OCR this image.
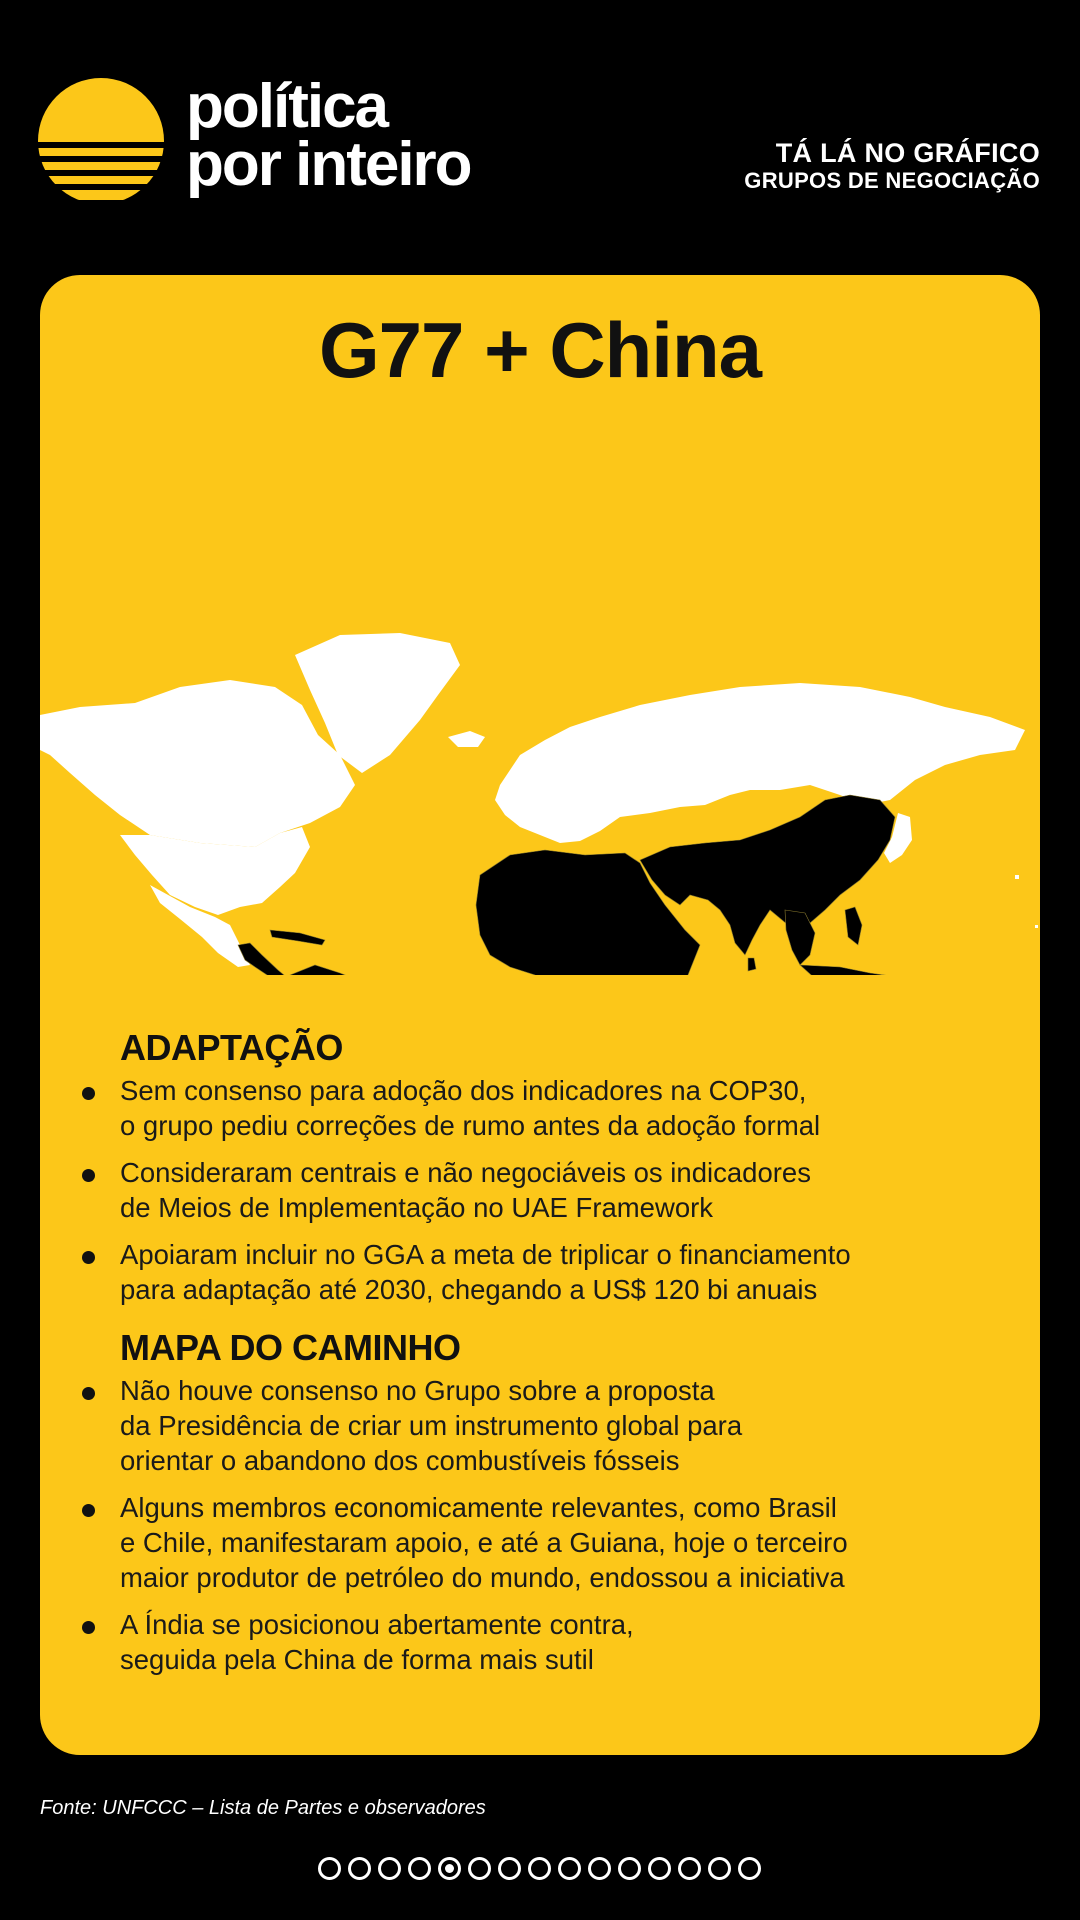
política
por inteiro	TÁ LÁ NO GRÁFICO
GRUPOS DE NEGOCIAÇÃO
G77 + China
ADAPTAÇÃO
Sem consenso para adoção dos indicadores na COP30,
o grupo pediu correções de rumo antes da adoção formal
Consideraram centrais e não negociáveis os indicadores
de Meios de Implementação no UAE Framework
Apoiaram incluir no GGA a meta de triplicar o financiamento
para adaptação até 2030, chegando a US$ 120 bi anuais
MAPA DO CAMINHO
Não houve consenso no Grupo sobre a proposta
da Presidência de criar um instrumento global para
orientar o abandono dos combustíveis fósseis
Alguns membros economicamente relevantes, como Brasil
e Chile, manifestaram apoio, e até a Guiana, hoje o terceiro
maior produtor de petróleo do mundo, endossou a iniciativa
A Índia se posicionou abertamente contra,
seguida pela China de forma mais sutil
Fonte: UNFCCC – Lista de Partes e observadores
